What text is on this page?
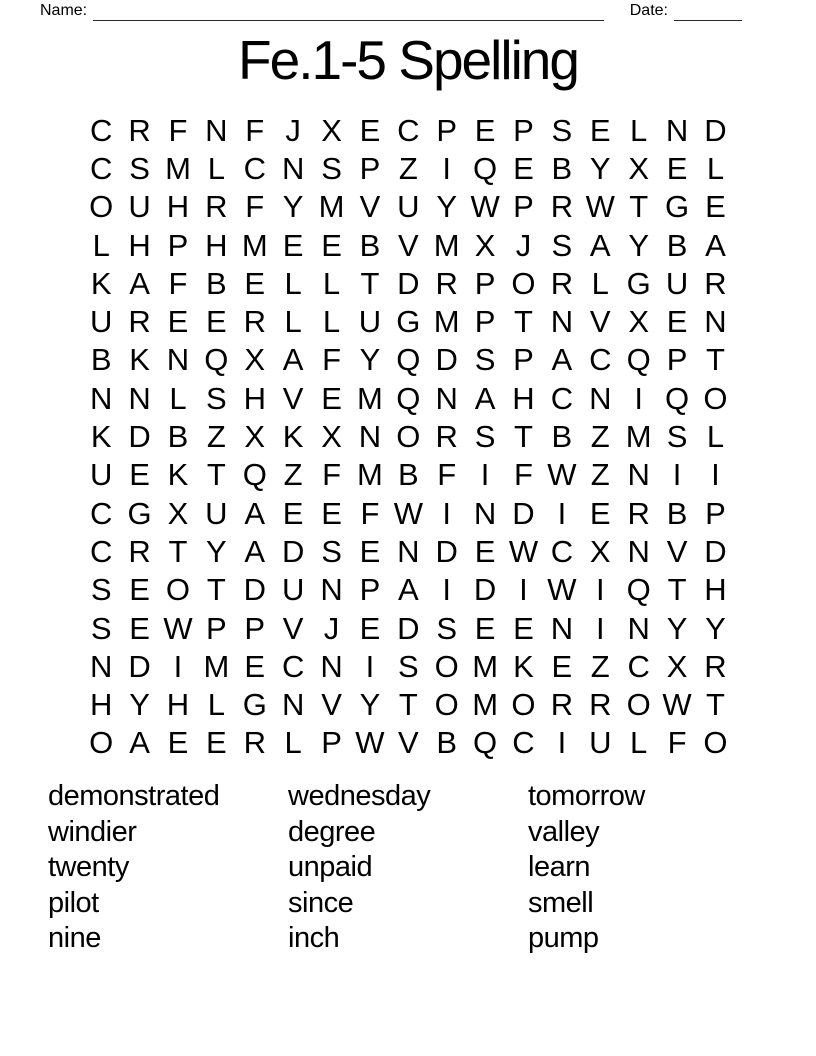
Name:	Date:
Fe.1-5 Spelling
C R F N F J X E C P E P S E L N D
C S M L C N S P Z I Q E B Y X E L
O U H R F Y M V U Y W P R W T G E
L H P H M E E B V M X J S A Y B A
K A F B E L L T D R P O R L G U R
U R E E R L L U G M P T N V X E N
B K N Q X A F Y Q D S P A C Q P T
N N L S H V E M Q N A H C N I Q O
K D B Z X K X N O R S T B Z M S L
U E K T Q Z F M B F I F W Z N I I
C G X U A E E F W I N D I E R B P
C R T Y A D S E N D E W C X N V D
S E O T D U N P A I D I W I Q T H
S E W P P V J E D S E E N I N Y Y
N D I M E C N I S O M K E Z C X R
H Y H L G N V Y T O M O R R O W T
O A E E R L P W V B Q C I U L F O
demonstrated
windier
twenty
pilot
nine
wednesday
degree
unpaid
since
inch
tomorrow
valley
learn
smell
pump
